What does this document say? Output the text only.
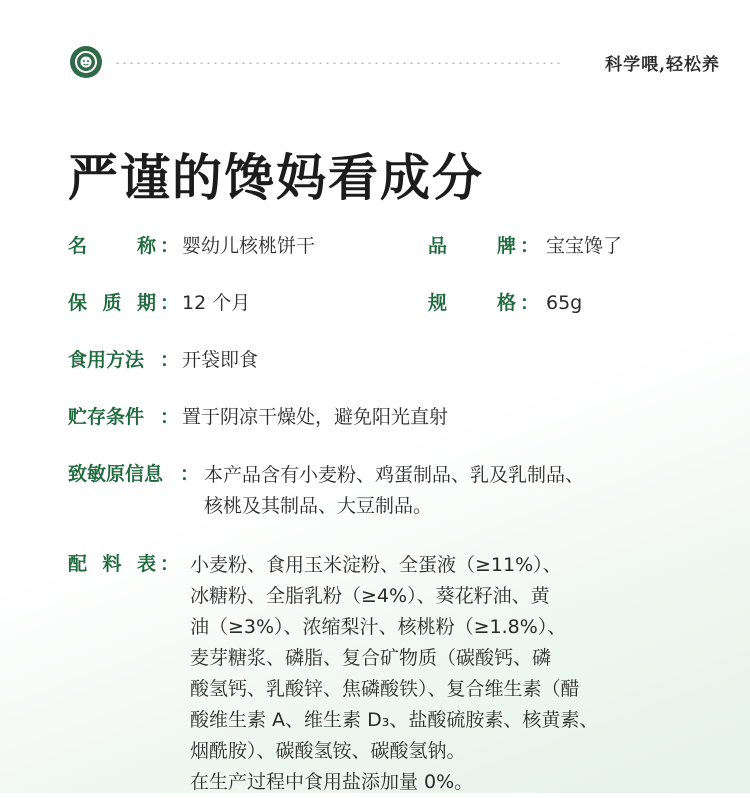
科学喂,轻松养
严谨的馋妈看成分
名	称 ： 婴幼儿核桃饼干	品	牌 ： 宝宝馋了
保 质 期 ： 12 个月	规	格 ： 65g
食用方法 ： 开袋即食
贮存条件 ： 置于阴凉干燥处，避免阳光直射
致敏原信息 ： 本产品含有小麦粉、鸡蛋制品、乳及乳制品、
核桃及其制品、大豆制品。
配 料 表 ： 小麦粉、食用玉米淀粉、全蛋液（≥11%）、
冰糖粉、全脂乳粉（≥4%）、葵花籽油、黄
油（≥3%）、浓缩梨汁、核桃粉（≥1.8%）、
麦芽糖浆、磷脂、复合矿物质（碳酸钙、磷
酸氢钙、乳酸锌、焦磷酸铁）、复合维生素（醋
酸维生素 A、维生素 D₃、盐酸硫胺素、核黄素、
烟酰胺）、碳酸氢铵、碳酸氢钠。
在生产过程中食用盐添加量 0%。
